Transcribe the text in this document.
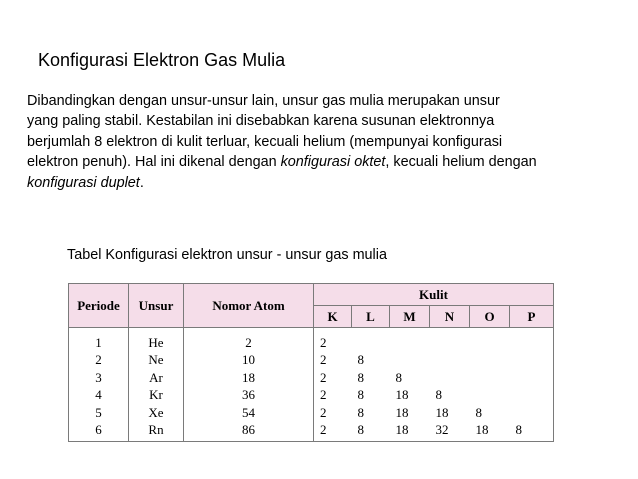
Konfigurasi Elektron Gas Mulia
Dibandingkan dengan unsur-unsur lain, unsur gas mulia merupakan unsur
yang paling stabil. Kestabilan ini disebabkan karena susunan elektronnya
berjumlah 8 elektron di kulit terluar, kecuali helium (mempunyai konfigurasi
elektron penuh). Hal ini dikenal dengan konfigurasi oktet, kecuali helium dengan
konfigurasi duplet.
Tabel Konfigurasi elektron unsur - unsur gas mulia
Periode	Unsur	Nomor Atom	Kulit					
			K	L	M	N	O	P
1	He	2	2					
2	Ne	10	2	8				
3	Ar	18	2	8	8			
4	Kr	36	2	8	18	8		
5	Xe	54	2	8	18	18	8	
6	Rn	86	2	8	18	32	18	8
